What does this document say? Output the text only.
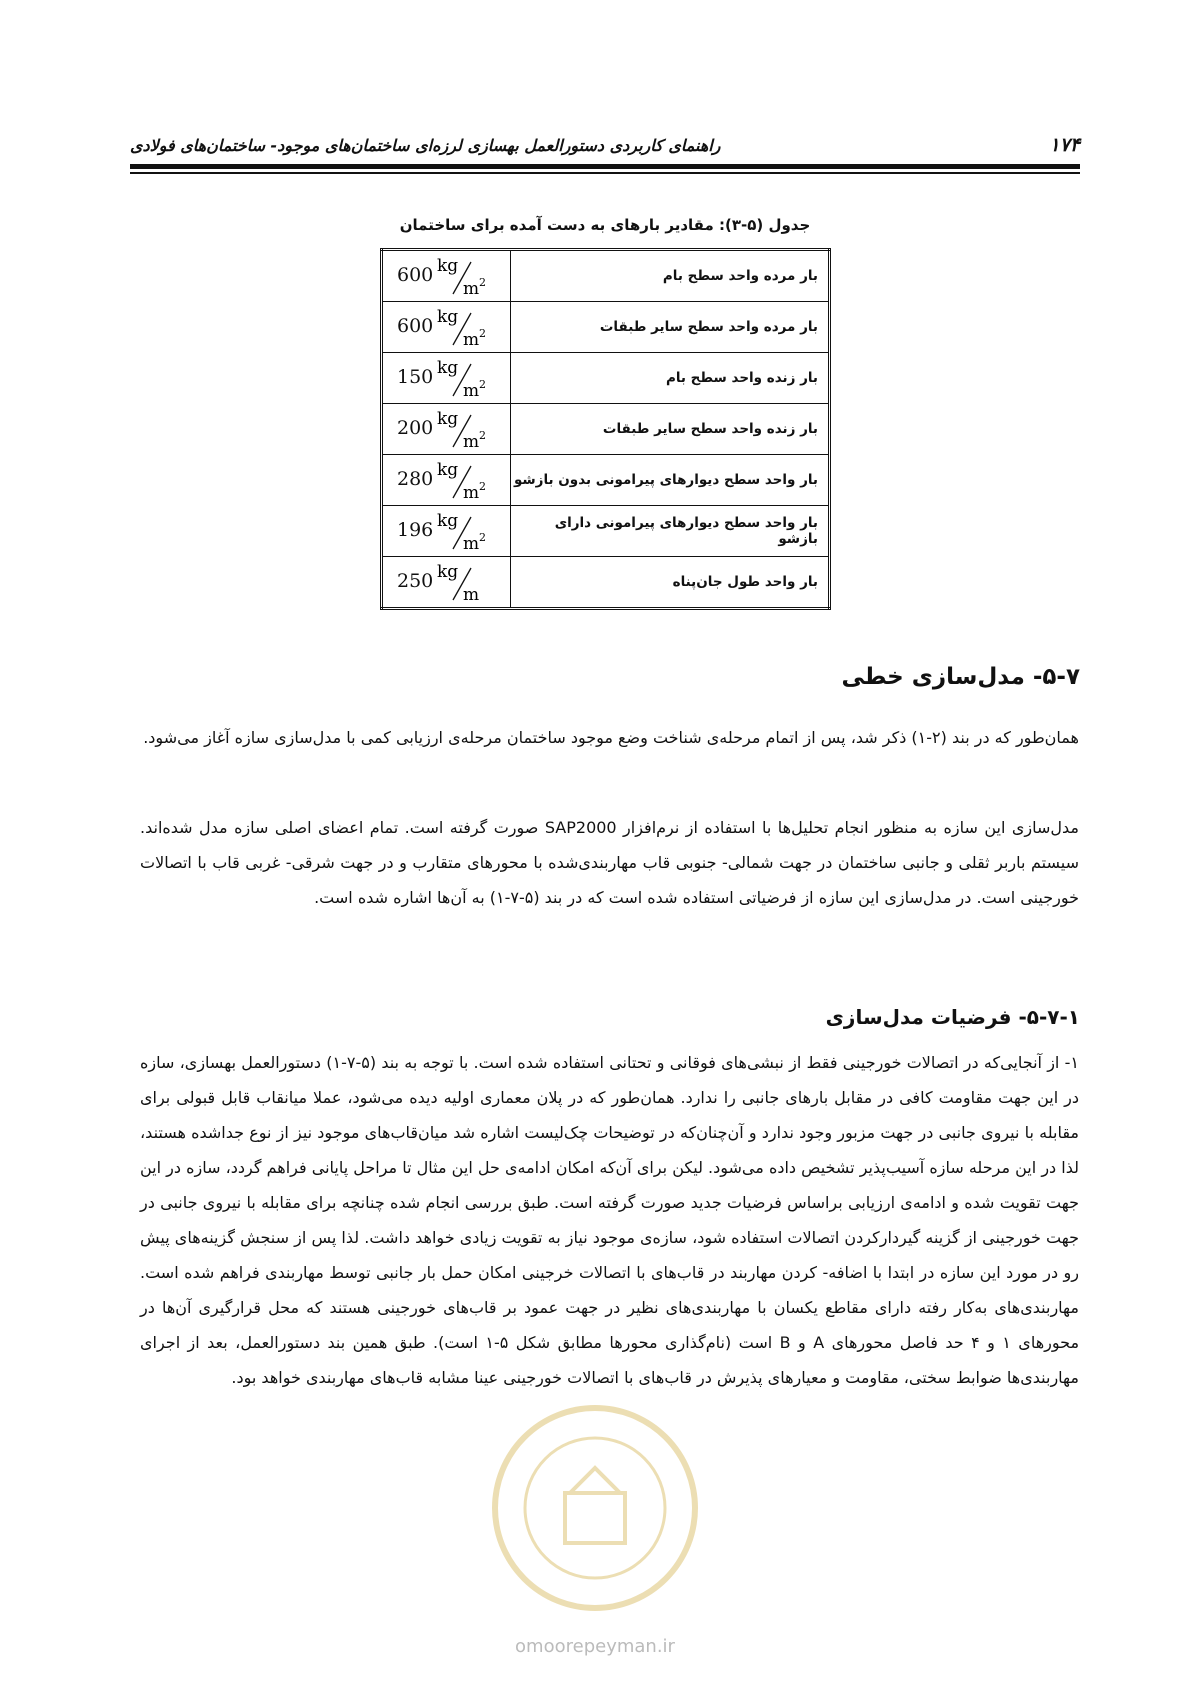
۱۷۴
راهنمای کاربردی دستورالعمل بهسازی لرزه‌ای ساختمان‌های موجود- ساختمان‌های فولادی
جدول (۵-۳): مقادیر بارهای به دست آمده برای ساختمان
بار مرده واحد سطح بام	600 kg
m 2

بار مرده واحد سطح سایر طبقات	600 kg
m 2

بار زنده واحد سطح بام	150 kg
m 2

بار زنده واحد سطح سایر طبقات	200 kg
m 2

بار واحد سطح دیوارهای پیرامونی بدون بازشو	280 kg
m 2

بار واحد سطح دیوارهای پیرامونی دارای بازشو	196 kg
m 2

بار واحد طول جان‌پناه	250 kg
m
۵-۷- مدل‌سازی خطی

همان‌طور که در بند (۲-۱) ذکر شد، پس از اتمام مرحله‌ی شناخت وضع موجود ساختمان مرحله‌ی ارزیابی کمی با مدل‌سازی سازه آغاز می‌شود.

مدل‌سازی این سازه به منظور انجام تحلیل‌ها با استفاده از نرم‌افزار SAP2000 صورت گرفته است. تمام اعضای اصلی سازه مدل شده‌اند. سیستم باربر ثقلی و جانبی ساختمان در جهت شمالی- جنوبی قاب مهاربندی‌شده با محورهای متقارب و در جهت شرقی- غربی قاب با اتصالات خورجینی است. در مدل‌سازی این سازه از فرضیاتی استفاده شده است که در بند (۵-۷-۱) به آن‌ها اشاره شده است.

۵-۷-۱- فرضیات مدل‌سازی

۱- از آنجایی‌که در اتصالات خورجینی فقط از نبشی‌های فوقانی و تحتانی استفاده شده است. با توجه به بند (۵-۷-۱) دستورالعمل بهسازی، سازه در این جهت مقاومت کافی در مقابل بارهای جانبی را ندارد. همان‌طور که در پلان معماری اولیه دیده می‌شود، عملا میانقاب قابل قبولی برای مقابله با نیروی جانبی در جهت مزبور وجود ندارد و آن‌چنان‌که در توضیحات چک‌لیست اشاره شد میان‌قاب‌های موجود نیز از نوع جداشده هستند، لذا در این مرحله سازه آسیب‌پذیر تشخیص داده می‌شود. لیکن برای آن‌که امکان ادامه‌ی حل این مثال تا مراحل پایانی فراهم گردد، سازه در این جهت تقویت شده و ادامه‌ی ارزیابی براساس فرضیات جدید صورت گرفته است. طبق بررسی انجام شده چنانچه برای مقابله با نیروی جانبی در جهت خورجینی از گزینه گیردارکردن اتصالات استفاده شود، سازه‌ی موجود نیاز به تقویت زیادی خواهد داشت. لذا پس از سنجش گزینه‌های پیش رو در مورد این سازه در ابتدا با اضافه- کردن مهاربند در قاب‌های با اتصالات خرجینی امکان حمل بار جانبی توسط مهاربندی فراهم شده است. مهاربندی‌های به‌کار رفته دارای مقاطع یکسان با مهاربندی‌های نظیر در جهت عمود بر قاب‌های خورجینی هستند که محل قرارگیری آن‌ها در محورهای ۱ و ۴ حد فاصل محورهای A و B است (نام‌گذاری محورها مطابق شکل ۵-۱ است). طبق همین بند دستورالعمل، بعد از اجرای مهاربندی‌ها ضوابط سختی، مقاومت و معیارهای پذیرش در قاب‌های با اتصالات خورجینی عینا مشابه قاب‌های مهاربندی خواهد بود.

omoorepeyman.ir
